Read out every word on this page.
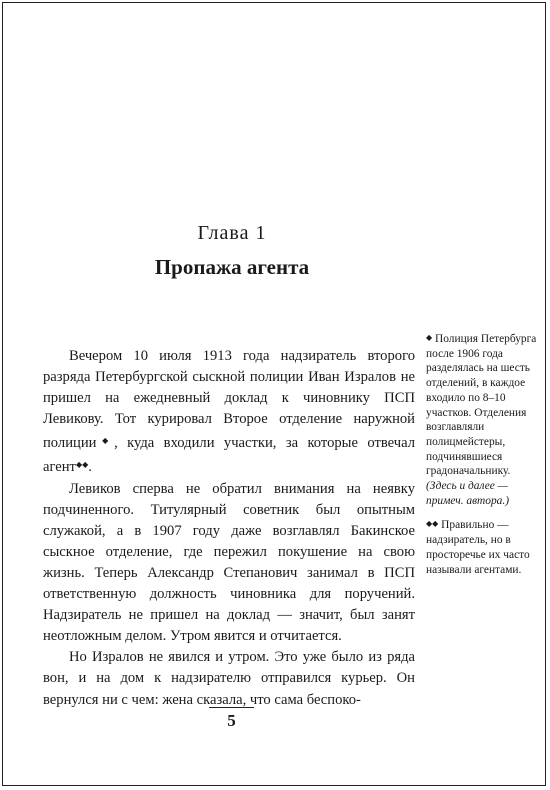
Глава 1
Пропажа агента

Вечером 10 июля 1913 года надзиратель второго разряда Петербургской сыскной полиции Иван Изралов не пришел на ежедневный доклад к чиновнику ПСП Левикову. Тот курировал Второе отделение наружной полиции◆, куда входили участки, за которые отвечал агент◆◆.

Левиков сперва не обратил внимания на неявку подчиненного. Титулярный советник был опытным служакой, а в 1907 году даже возглавлял Бакинское сыскное отделение, где пережил покушение на свою жизнь. Теперь Александр Степанович занимал в ПСП ответственную должность чиновника для поручений. Надзиратель не пришел на доклад — значит, был занят неотложным делом. Утром явится и отчитается.

Но Изралов не явился и утром. Это уже было из ряда вон, и на дом к надзирателю отправился курьер. Он вернулся ни с чем: жена сказала, что сама беспоко-

◆ Полиция Петербурга после 1906 года разделялась на шесть отделений, в каждое входило по 8–10 участков. Отделения возглавляли полицмейстеры, подчинявшиеся градоначальнику. (Здесь и далее — примеч. автора.)
◆◆ Правильно — надзиратель, но в просторечье их часто называли агентами.
5
